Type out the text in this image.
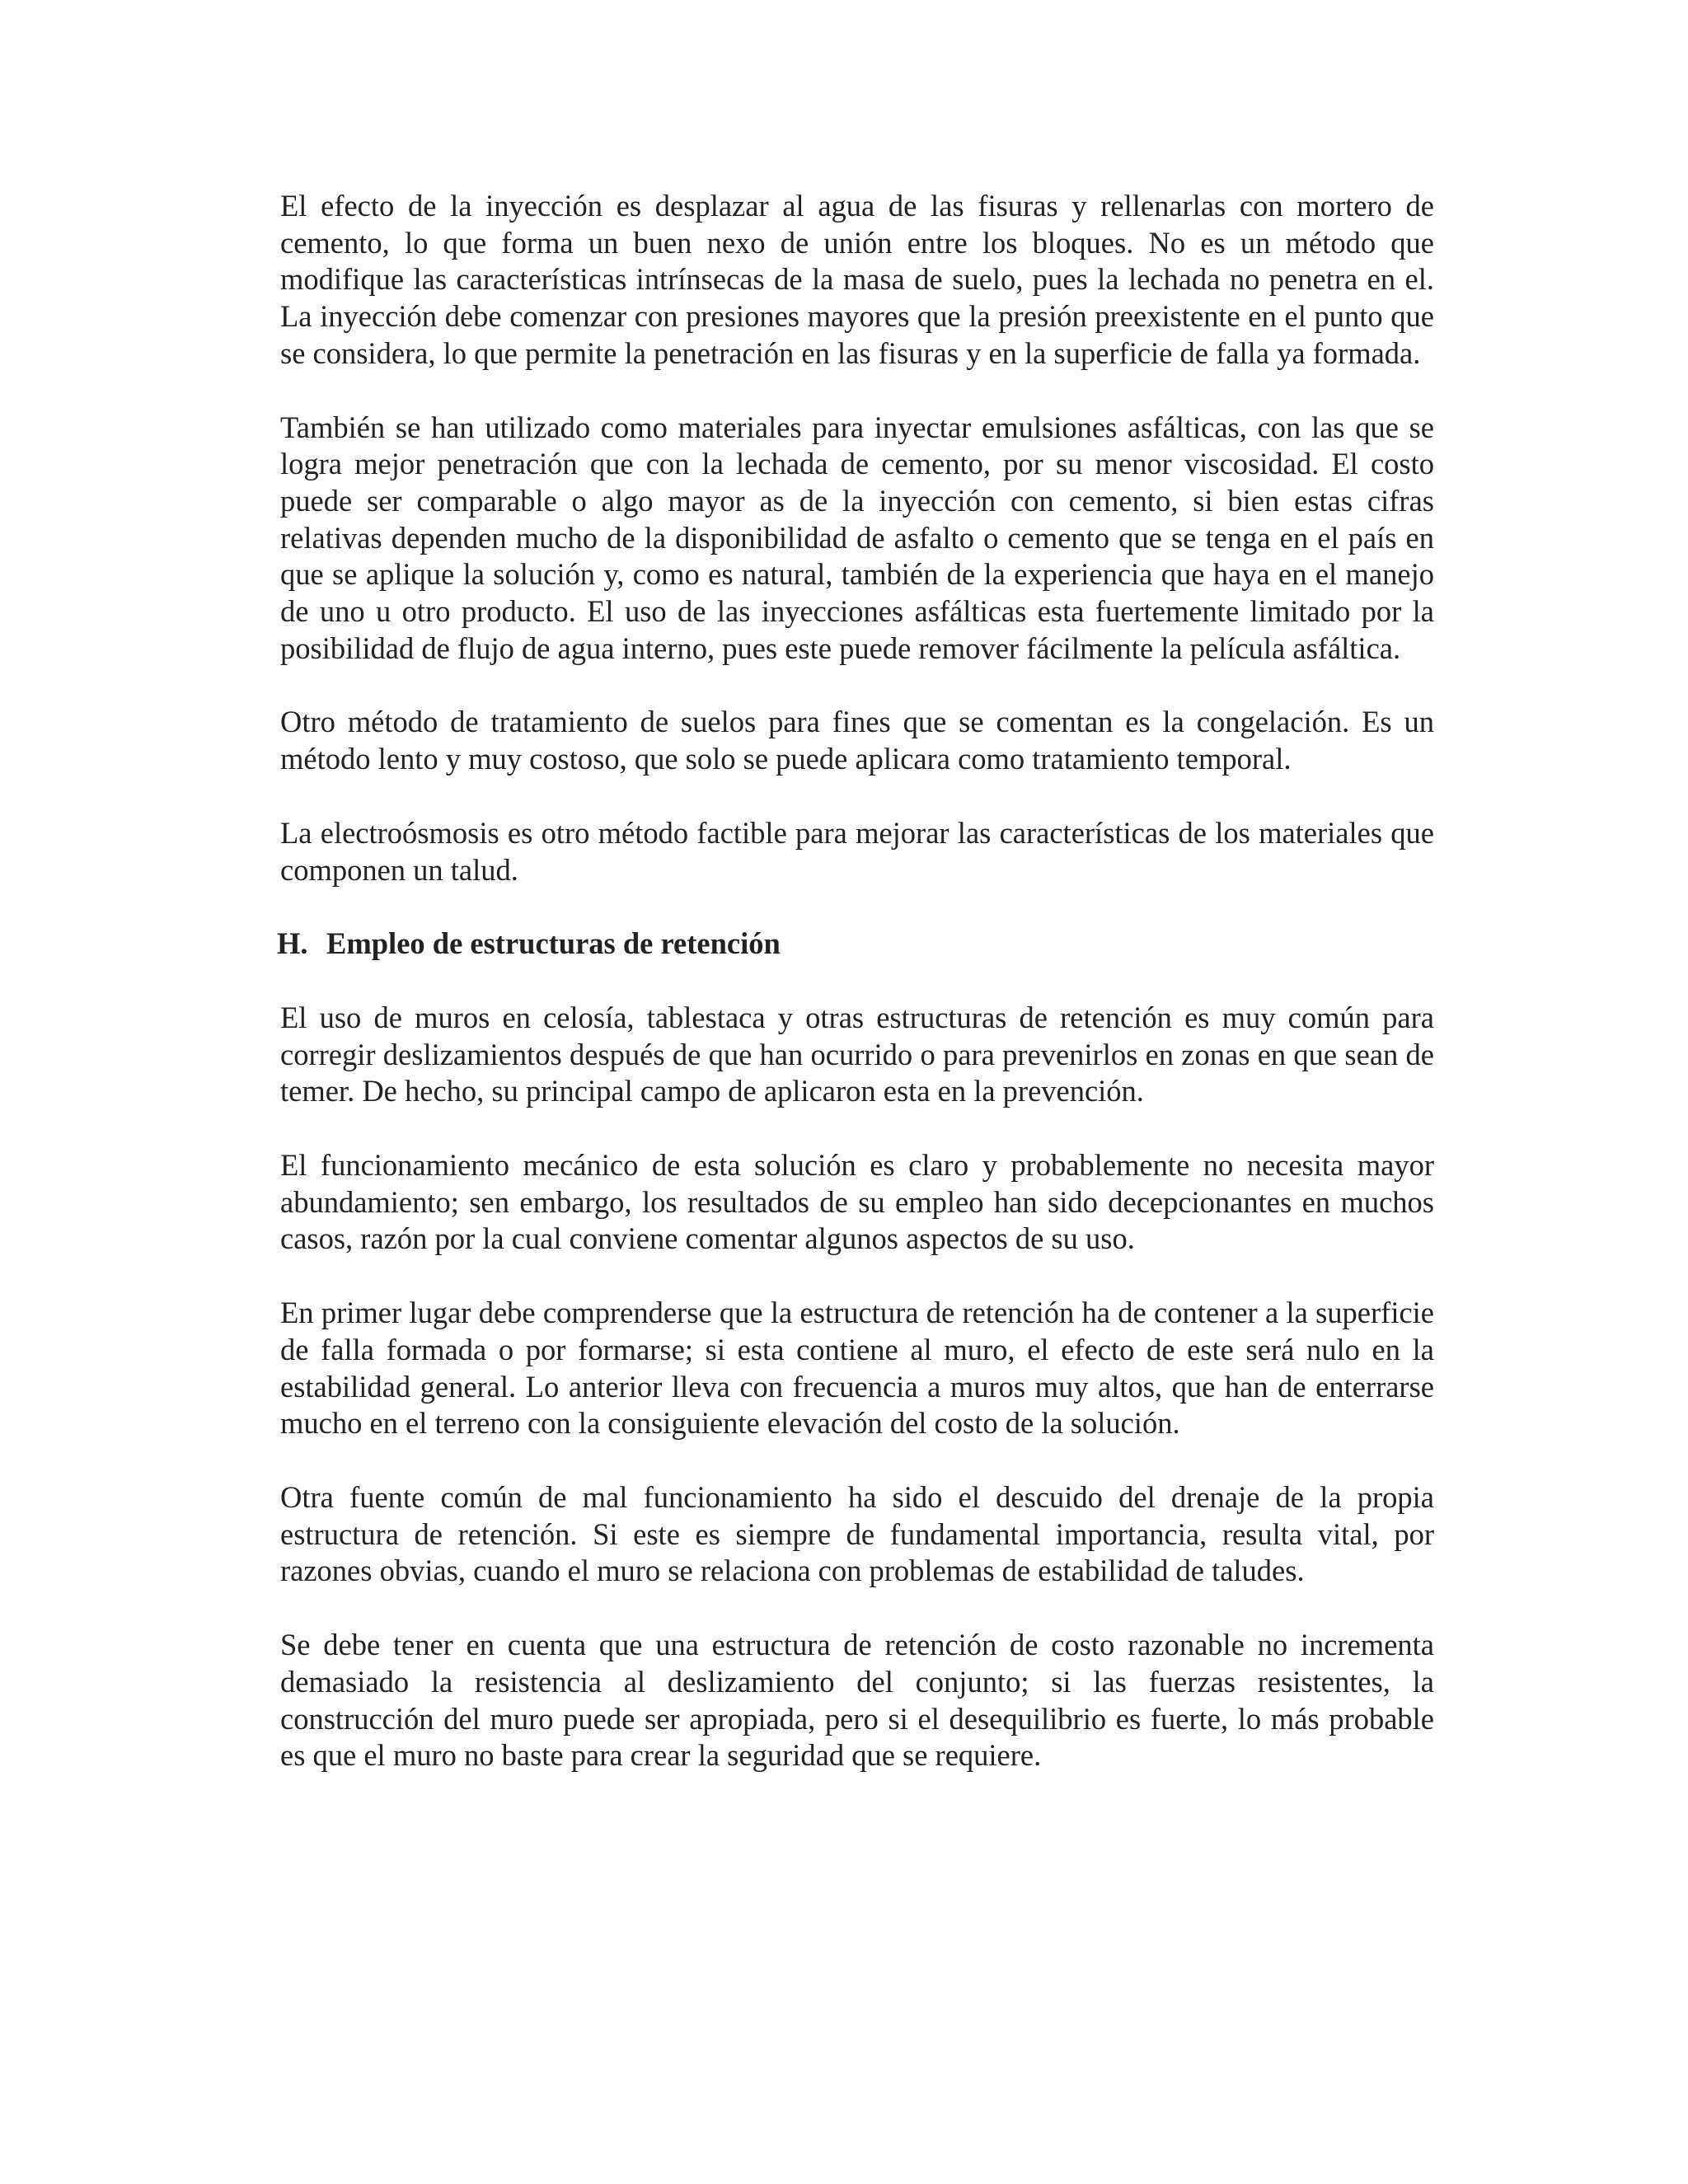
El efecto de la inyección es desplazar al agua de las fisuras y rellenarlas con mortero de cemento, lo que forma un buen nexo de unión entre los bloques. No es un método que modifique las características intrínsecas de la masa de suelo, pues la lechada no penetra en el. La inyección debe comenzar con presiones mayores que la presión preexistente en el punto que se considera, lo que permite la penetración en las fisuras y en la superficie de falla ya formada.

También se han utilizado como materiales para inyectar emulsiones asfálticas, con las que se logra mejor penetración que con la lechada de cemento, por su menor viscosidad. El costo puede ser comparable o algo mayor as de la inyección con cemento, si bien estas cifras relativas dependen mucho de la disponibilidad de asfalto o cemento que se tenga en el país en que se aplique la solución y, como es natural, también de la experiencia que haya en el manejo de uno u otro producto. El uso de las inyecciones asfálticas esta fuertemente limitado por la posibilidad de flujo de agua interno, pues este puede remover fácilmente la película asfáltica.

Otro método de tratamiento de suelos para fines que se comentan es la congelación. Es un método lento y muy costoso, que solo se puede aplicara como tratamiento temporal.

La electroósmosis es otro método factible para mejorar las características de los materiales que componen un talud.

H. Empleo de estructuras de retención

El uso de muros en celosía, tablestaca y otras estructuras de retención es muy común para corregir deslizamientos después de que han ocurrido o para prevenirlos en zonas en que sean de temer. De hecho, su principal campo de aplicaron esta en la prevención.

El funcionamiento mecánico de esta solución es claro y probablemente no necesita mayor abundamiento; sen embargo, los resultados de su empleo han sido decepcionantes en muchos casos, razón por la cual conviene comentar algunos aspectos de su uso.

En primer lugar debe comprenderse que la estructura de retención ha de contener a la superficie de falla formada o por formarse; si esta contiene al muro, el efecto de este será nulo en la estabilidad general. Lo anterior lleva con frecuencia a muros muy altos, que han de enterrarse mucho en el terreno con la consiguiente elevación del costo de la solución.

Otra fuente común de mal funcionamiento ha sido el descuido del drenaje de la propia estructura de retención. Si este es siempre de fundamental importancia, resulta vital, por razones obvias, cuando el muro se relaciona con problemas de estabilidad de taludes.

Se debe tener en cuenta que una estructura de retención de costo razonable no incrementa demasiado la resistencia al deslizamiento del conjunto; si las fuerzas resistentes, la construcción del muro puede ser apropiada, pero si el desequilibrio es fuerte, lo más probable es que el muro no baste para crear la seguridad que se requiere.
